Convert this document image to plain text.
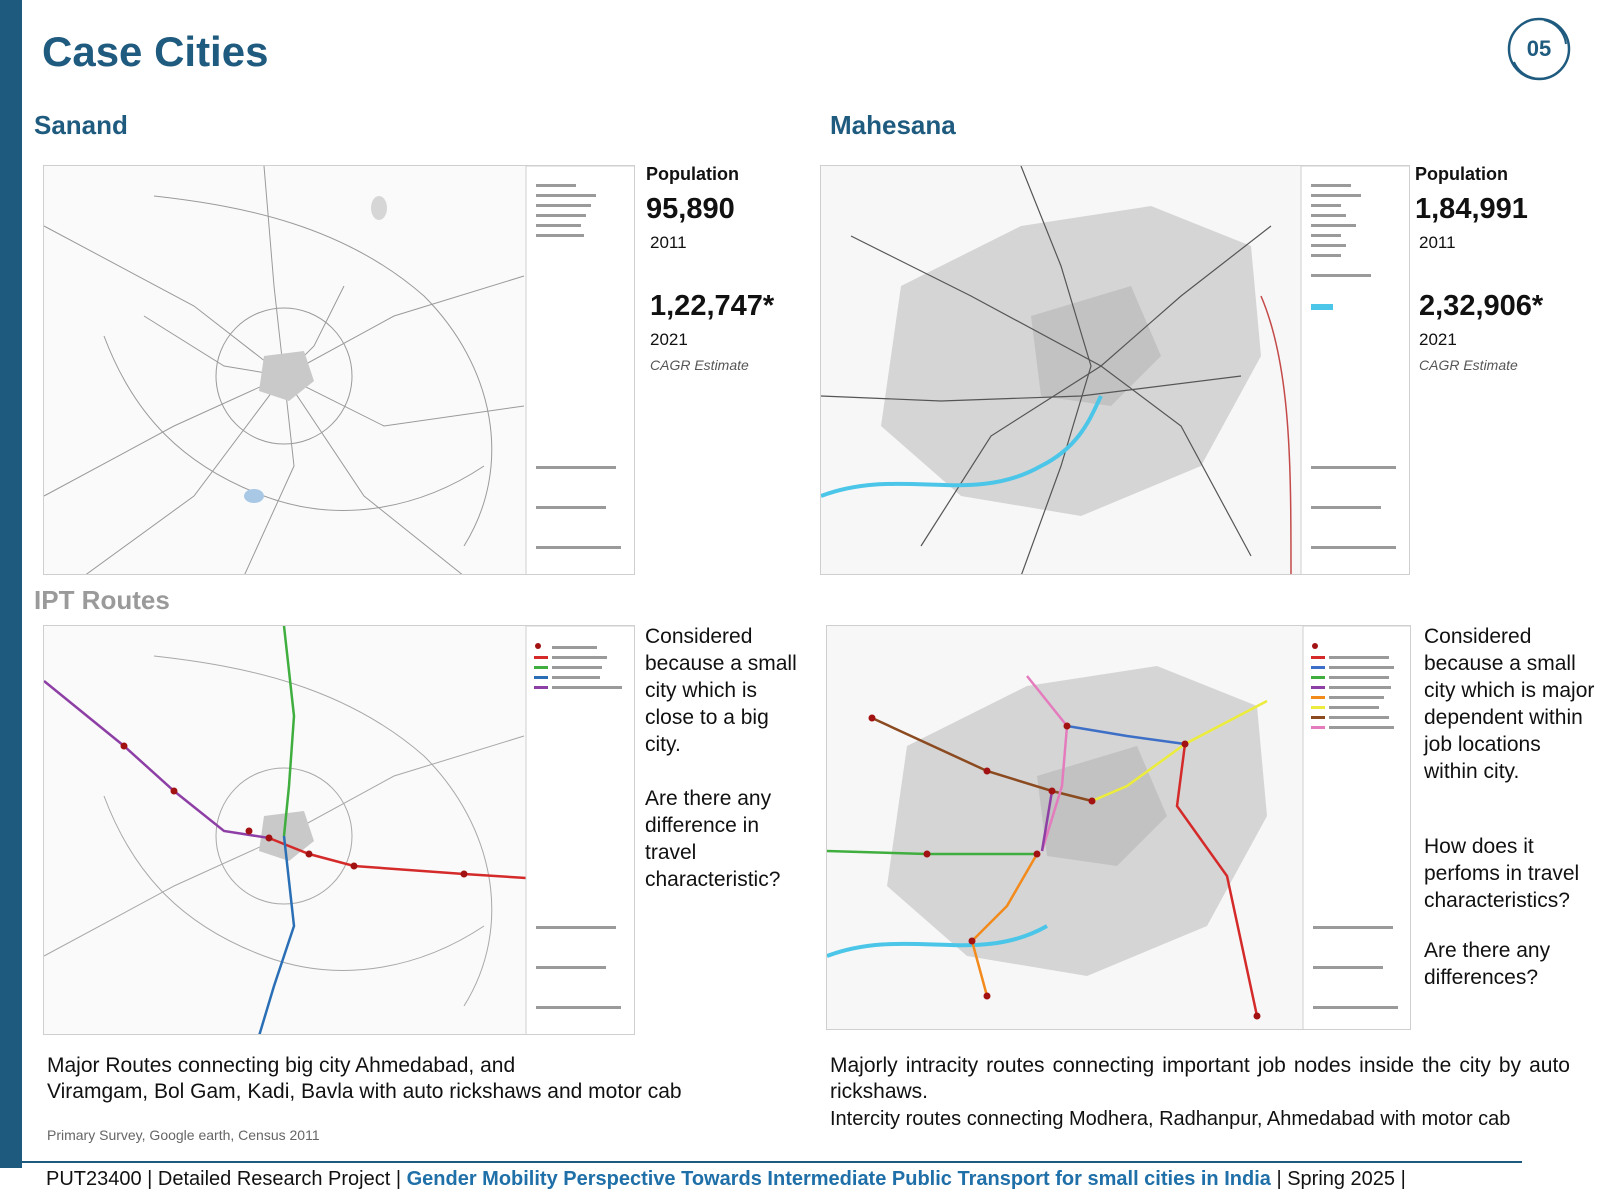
Case Cities	05
Sanand
Population
95,890
2011
1,22,747*
2021
CAGR Estimate
Mahesana
Population
1,84,991
2011
2,32,906*
2021
CAGR Estimate
IPT Routes
Considered because a small city which is close to a big city.
Are there any difference in travel characteristic?
Considered because a small city which is major dependent within job locations within city.
How does it perfoms in travel characteristics?
Are there any differences?
Major Routes connecting big city Ahmedabad, and
Viramgam, Bol Gam, Kadi, Bavla with auto rickshaws and motor cab
Primary Survey, Google earth, Census 2011
Majorly intracity routes connecting important job nodes inside the city by auto rickshaws.
Intercity routes connecting Modhera, Radhanpur, Ahmedabad with motor cab
PUT23400 | Detailed Research Project | Gender Mobility Perspective Towards Intermediate Public Transport for small cities in India | Spring 2025 |
